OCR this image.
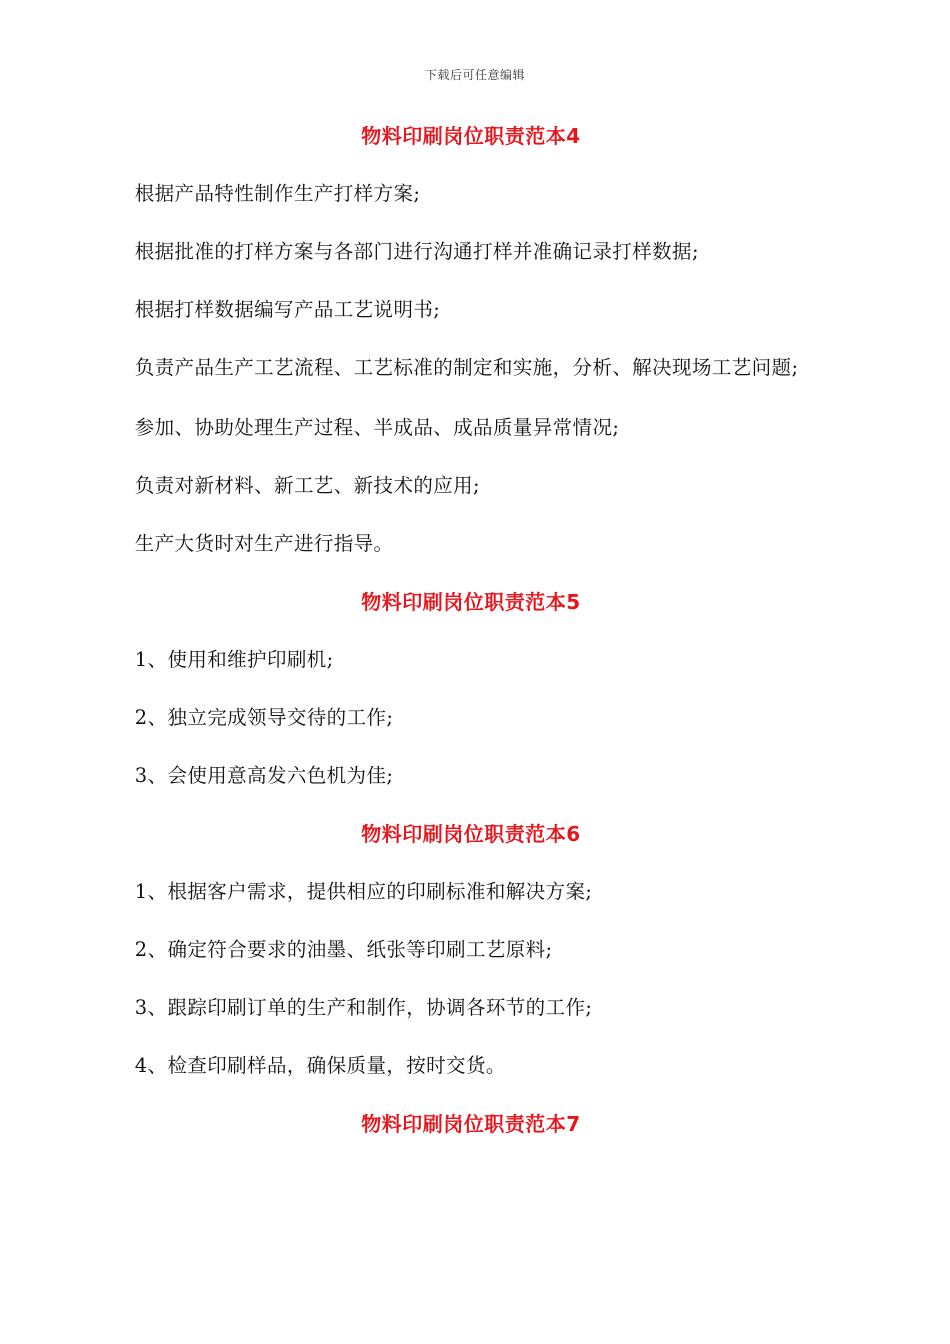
下载后可任意编辑
物料印刷岗位职责范本4
根据产品特性制作生产打样方案;
根据批准的打样方案与各部门进行沟通打样并准确记录打样数据;
根据打样数据编写产品工艺说明书;
负责产品生产工艺流程、工艺标准的制定和实施，分析、解决现场工艺问题;
参加、协助处理生产过程、半成品、成品质量异常情况;
负责对新材料、新工艺、新技术的应用;
生产大货时对生产进行指导。
物料印刷岗位职责范本5
1、使用和维护印刷机;
2、独立完成领导交待的工作;
3、会使用意高发六色机为佳;
物料印刷岗位职责范本6
1、根据客户需求，提供相应的印刷标准和解决方案;
2、确定符合要求的油墨、纸张等印刷工艺原料;
3、跟踪印刷订单的生产和制作，协调各环节的工作;
4、检查印刷样品，确保质量，按时交货。
物料印刷岗位职责范本7
